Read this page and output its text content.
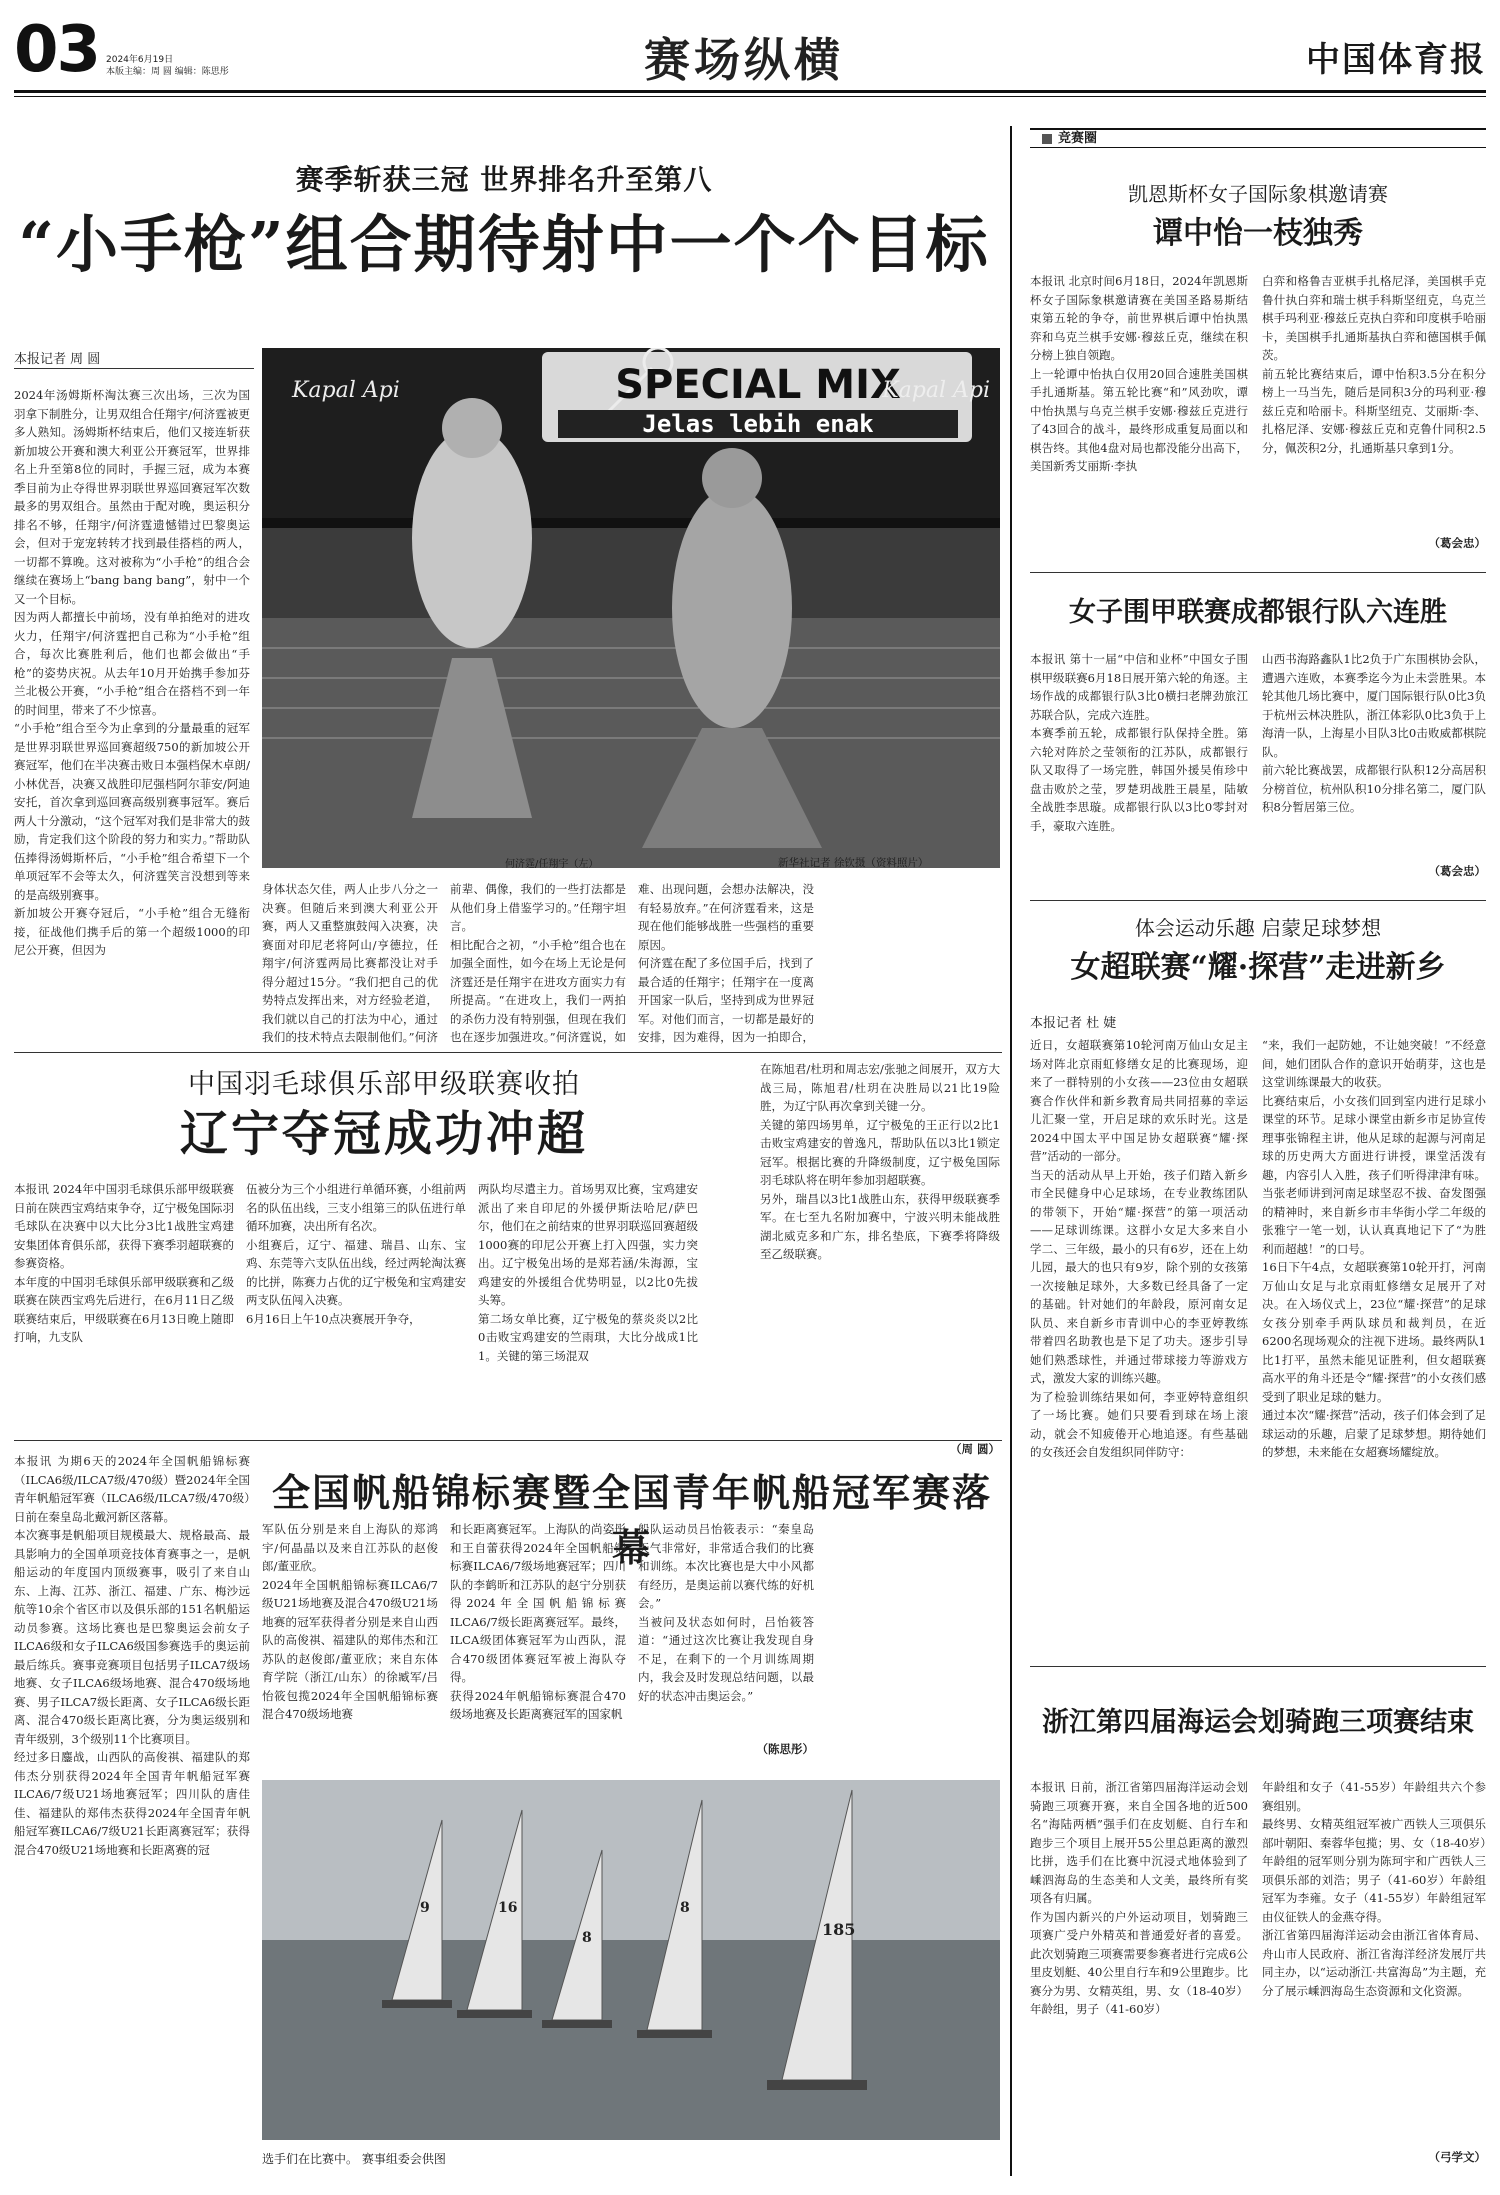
03 2024年6月19日
本版主编：周 圆 编辑：陈思彤	赛场纵横	中国体育报
赛季斩获三冠 世界排名升至第八
“小手枪”组合期待射中一个个目标
本报记者 周 圆
2024年汤姆斯杯淘汰赛三次出场，三次为国羽拿下制胜分，让男双组合任翔宇/何济霆被更多人熟知。汤姆斯杯结束后，他们又接连斩获新加坡公开赛和澳大利亚公开赛冠军，世界排名上升至第8位的同时，手握三冠，成为本赛季目前为止夺得世界羽联世界巡回赛冠军次数最多的男双组合。虽然由于配对晚，奥运积分排名不够，任翔宇/何济霆遗憾错过巴黎奥运会，但对于宠宠转转才找到最佳搭档的两人，一切都不算晚。这对被称为“小手枪”的组合会继续在赛场上“bang bang bang”，射中一个又一个目标。
因为两人都擅长中前场，没有单拍绝对的进攻火力，任翔宇/何济霆把自己称为“小手枪”组合，每次比赛胜利后，他们也都会做出“手枪”的姿势庆祝。从去年10月开始携手参加芬兰北极公开赛，“小手枪”组合在搭档不到一年的时间里，带来了不少惊喜。
“小手枪”组合至今为止拿到的分量最重的冠军是世界羽联世界巡回赛超级750的新加坡公开赛冠军，他们在半决赛击败日本强档保木卓朗/小林优吾，决赛又战胜印尼强档阿尔菲安/阿迪安托，首次拿到巡回赛高级别赛事冠军。赛后两人十分激动，“这个冠军对我们是非常大的鼓励，肯定我们这个阶段的努力和实力。”帮助队伍捧得汤姆斯杯后，“小手枪”组合希望下一个单项冠军不会等太久，何济霆笑言没想到等来的是高级别赛事。
新加坡公开赛夺冠后，“小手枪”组合无缝衔接，征战他们携手后的第一个超级1000的印尼公开赛，但因为
SPECIAL MIX
Jelas lebih enak
Kapal Api	Kapal Api
何济霆/任翔宇（左）	新华社记者 徐钦摄（资料照片）
身体状态欠佳，两人止步八分之一决赛。但随后来到澳大利亚公开赛，两人又重整旗鼓闯入决赛，决赛面对印尼老将阿山/亨德拉，任翔宇/何济霆两局比赛都没让对手得分超过15分。“我们把自己的优势特点发挥出来，对方经验老道，我们就以自己的打法为中心，通过我们的技术特点去限制他们。”何济
前辈、偶像，我们的一些打法都是从他们身上借鉴学习的。”任翔宇坦言。
相比配合之初，“小手枪”组合也在加强全面性，如今在场上无论是何济霆还是任翔宇在进攻方面实力有所提高。“在进攻上，我们一两拍的杀伤力没有特别强，但现在我们也在逐步加强进攻。”何济霆说，如
难、出现问题，会想办法解决，没有轻易放弃。”在何济霆看来，这是现在他们能够战胜一些强档的重要原因。
何济霆在配了多位国手后，找到了最合适的任翔宇；任翔宇在一度离开国家一队后，坚持到成为世界冠军。对他们而言，一切都是最好的安排，因为难得，因为一拍即合，
中国羽毛球俱乐部甲级联赛收拍
辽宁夺冠成功冲超
本报讯 2024年中国羽毛球俱乐部甲级联赛日前在陕西宝鸡结束争夺，辽宁极兔国际羽毛球队在决赛中以大比分3比1战胜宝鸡建安集团体育俱乐部，获得下赛季羽超联赛的参赛资格。
本年度的中国羽毛球俱乐部甲级联赛和乙级联赛在陕西宝鸡先后进行，在6月11日乙级联赛结束后，甲级联赛在6月13日晚上随即打响，九支队
伍被分为三个小组进行单循环赛，小组前两名的队伍出线，三支小组第三的队伍进行单循环加赛，决出所有名次。
小组赛后，辽宁、福建、瑞昌、山东、宝鸡、东莞等六支队伍出线，经过两轮淘汰赛的比拼，陈赛力占优的辽宁极兔和宝鸡建安两支队伍闯入决赛。
6月16日上午10点决赛展开争夺，
两队均尽遣主力。首场男双比赛，宝鸡建安派出了来自印尼的外援伊斯法哈尼/萨巴尔，他们在之前结束的世界羽联巡回赛超级1000赛的印尼公开赛上打入四强，实力突出。辽宁极兔出场的是郑若涵/朱海源，宝鸡建安的外援组合优势明显，以2比0先拔头筹。
第二场女单比赛，辽宁极兔的蔡炎炎以2比0击败宝鸡建安的竺雨琪，大比分战成1比1。关键的第三场混双
在陈旭君/杜玥和周志宏/张驰之间展开，双方大战三局，陈旭君/杜玥在决胜局以21比19险胜，为辽宁队再次拿到关键一分。
关键的第四场男单，辽宁极兔的王正行以2比1击败宝鸡建安的曾逸凡，帮助队伍以3比1锁定冠军。根据比赛的升降级制度，辽宁极兔国际羽毛球队将在明年参加羽超联赛。
另外，瑞昌以3比1战胜山东，获得甲级联赛季军。在七至九名附加赛中，宁波兴明未能战胜湖北威克多和广东，排名垫底，下赛季将降级至乙级联赛。
（周 圆）
本报讯 为期6天的2024年全国帆船锦标赛（ILCA6级/ILCA7级/470级）暨2024年全国青年帆船冠军赛（ILCA6级/ILCA7级/470级）日前在秦皇岛北戴河新区落幕。
本次赛事是帆船项目规模最大、规格最高、最具影响力的全国单项竞技体育赛事之一，是帆船运动的年度国内顶级赛事，吸引了来自山东、上海、江苏、浙江、福建、广东、梅沙远航等10余个省区市以及俱乐部的151名帆船运动员参赛。这场比赛也是巴黎奥运会前女子ILCA6级和女子ILCA6级国参赛选手的奥运前最后练兵。赛事竞赛项目包括男子ILCA7级场地赛、女子ILCA6级场地赛、混合470级场地赛、男子ILCA7级长距离、女子ILCA6级长距离、混合470级长距离比赛，分为奥运级别和青年级别，3个级别11个比赛项目。
经过多日鏖战，山西队的高俊祺、福建队的郑伟杰分别获得2024年全国青年帆船冠军赛ILCA6/7级U21场地赛冠军；四川队的唐佳佳、福建队的郑伟杰获得2024年全国青年帆船冠军赛ILCA6/7级U21长距离赛冠军；获得混合470级U21场地赛和长距离赛的冠
全国帆船锦标赛暨全国青年帆船冠军赛落幕
军队伍分别是来自上海队的郑鸿宇/何晶晶以及来自江苏队的赵俊郎/董亚欣。
2024年全国帆船锦标赛ILCA6/7级U21场地赛及混合470级U21场地赛的冠军获得者分别是来自山西队的高俊祺、福建队的郑伟杰和江苏队的赵俊郎/董亚欣；来自东体育学院（浙江/山东）的徐臧军/吕怡筱包揽2024年全国帆船锦标赛混合470级场地赛
和长距离赛冠军。上海队的尚姿彤和王自蕾获得2024年全国帆船锦标赛ILCA6/7级场地赛冠军；四川队的李鹤昕和江苏队的赵宁分别获得2024年全国帆船锦标赛ILCA6/7级长距离赛冠军。最终，ILCA级团体赛冠军为山西队，混合470级团体赛冠军被上海队夺得。
获得2024年帆船锦标赛混合470级场地赛及长距离赛冠军的国家帆
船队运动员吕怡筱表示：“秦皇岛天气非常好，非常适合我们的比赛和训练。本次比赛也是大中小风都有经历，是奥运前以赛代练的好机会。”
当被问及状态如何时，吕怡筱答道：“通过这次比赛让我发现自身不足，在剩下的一个月训练周期内，我会及时发现总结问题，以最好的状态冲击奥运会。”
（陈思彤）
9	16
8
8
185
选手们在比赛中。 赛事组委会供图
竞赛圈
凯恩斯杯女子国际象棋邀请赛
谭中怡一枝独秀
本报讯 北京时间6月18日，2024年凯恩斯杯女子国际象棋邀请赛在美国圣路易斯结束第五轮的争夺，前世界棋后谭中怡执黑弈和乌克兰棋手安娜·穆兹丘克，继续在积分榜上独自领跑。
上一轮谭中怡执白仅用20回合速胜美国棋手扎通斯基。第五轮比赛“和”风劲吹，谭中怡执黑与乌克兰棋手安娜·穆兹丘克进行了43回合的战斗，最终形成重复局面以和棋告终。其他4盘对局也都没能分出高下，美国新秀艾丽斯·李执
白弈和格鲁吉亚棋手扎格尼泽，美国棋手克鲁什执白弈和瑞士棋手科斯坚纽克，乌克兰棋手玛利亚·穆兹丘克执白弈和印度棋手哈丽卡，美国棋手扎通斯基执白弈和德国棋手佩茨。
前五轮比赛结束后，谭中怡积3.5分在积分榜上一马当先，随后是同积3分的玛利亚·穆兹丘克和哈丽卡。科斯坚纽克、艾丽斯·李、扎格尼泽、安娜·穆兹丘克和克鲁什同积2.5分，佩茨积2分，扎通斯基只拿到1分。
（葛会忠）
女子围甲联赛成都银行队六连胜
本报讯 第十一届“中信和业杯”中国女子围棋甲级联赛6月18日展开第六轮的角逐。主场作战的成都银行队3比0横扫老牌劲旅江苏联合队，完成六连胜。
本赛季前五轮，成都银行队保持全胜。第六轮对阵於之莹领衔的江苏队，成都银行队又取得了一场完胜，韩国外援吴侑珍中盘击败於之莹，罗楚玥战胜王晨星，陆敏全战胜李思璇。成都银行队以3比0零封对手，豪取六连胜。
山西书海路鑫队1比2负于广东围棋协会队，遭遇六连败，本赛季迄今为止未尝胜果。本轮其他几场比赛中，厦门国际银行队0比3负于杭州云林决胜队，浙江体彩队0比3负于上海清一队，上海星小目队3比0击败威都棋院队。
前六轮比赛战罢，成都银行队积12分高居积分榜首位，杭州队积10分排名第二，厦门队积8分暂居第三位。
（葛会忠）
体会运动乐趣 启蒙足球梦想
女超联赛“耀·探营”走进新乡
本报记者 杜 婕
近日，女超联赛第10轮河南万仙山女足主场对阵北京雨虹修缮女足的比赛现场，迎来了一群特别的小女孩——23位由女超联赛合作伙伴和新乡教育局共同招募的幸运儿汇聚一堂，开启足球的欢乐时光。这是2024中国太平中国足协女超联赛“耀·探营”活动的一部分。
当天的活动从早上开始，孩子们踏入新乡市全民健身中心足球场，在专业教练团队的带领下，开始“耀·探营”的第一项活动——足球训练课。这群小女足大多来自小学二、三年级，最小的只有6岁，还在上幼儿园，最大的也只有9岁，除个别的女孩第一次接触足球外，大多数已经具备了一定的基础。针对她们的年龄段，原河南女足队员、来自新乡市青训中心的李亚婷教练带着四名助教也是下足了功夫。逐步引导她们熟悉球性，并通过带球接力等游戏方式，激发大家的训练兴趣。
为了检验训练结果如何，李亚婷特意组织了一场比赛。她们只要看到球在场上滚动，就会不知疲倦开心地追逐。有些基础的女孩还会自发组织同伴防守：
“来，我们一起防她，不让她突破！”不经意间，她们团队合作的意识开始萌芽，这也是这堂训练课最大的收获。
比赛结束后，小女孩们回到室内进行足球小课堂的环节。足球小课堂由新乡市足协宣传理事张锦程主讲，他从足球的起源与河南足球的历史两大方面进行讲授，课堂活泼有趣，内容引人入胜，孩子们听得津津有味。当张老师讲到河南足球坚忍不拔、奋发图强的精神时，来自新乡市丰华街小学二年级的张雅宁一笔一划，认认真真地记下了“为胜利而超越！”的口号。
16日下午4点，女超联赛第10轮开打，河南万仙山女足与北京雨虹修缮女足展开了对决。在入场仪式上，23位“耀·探营”的足球女孩分别牵手两队球员和裁判员，在近6200名现场观众的注视下进场。最终两队1比1打平，虽然未能见证胜利，但女超联赛高水平的角斗还是令“耀·探营”的小女孩们感受到了职业足球的魅力。
通过本次“耀·探营”活动，孩子们体会到了足球运动的乐趣，启蒙了足球梦想。期待她们的梦想，未来能在女超赛场耀绽放。
浙江第四届海运会划骑跑三项赛结束
本报讯 日前，浙江省第四届海洋运动会划骑跑三项赛开赛，来自全国各地的近500名“海陆两栖”强手们在皮划艇、自行车和跑步三个项目上展开55公里总距离的激烈比拼，选手们在比赛中沉浸式地体验到了嵊泗海岛的生态美和人文美，最终所有奖项各有归属。
作为国内新兴的户外运动项目，划骑跑三项赛广受户外精英和普通爱好者的喜爱。此次划骑跑三项赛需要参赛者进行完成6公里皮划艇、40公里自行车和9公里跑步。比赛分为男、女精英组，男、女（18-40岁）年龄组，男子（41-60岁）
年龄组和女子（41-55岁）年龄组共六个参赛组别。
最终男、女精英组冠军被广西铁人三项俱乐部叶朝阳、秦蓉华包揽；男、女（18-40岁）年龄组的冠军则分别为陈珂宇和广西铁人三项俱乐部的刘浩；男子（41-60岁）年龄组冠军为李雍。女子（41-55岁）年龄组冠军由仪征铁人的金燕夺得。
浙江省第四届海洋运动会由浙江省体育局、舟山市人民政府、浙江省海洋经济发展厅共同主办，以“运动浙江·共富海岛”为主题，充分了展示嵊泗海岛生态资源和文化资源。
（弓学文）
